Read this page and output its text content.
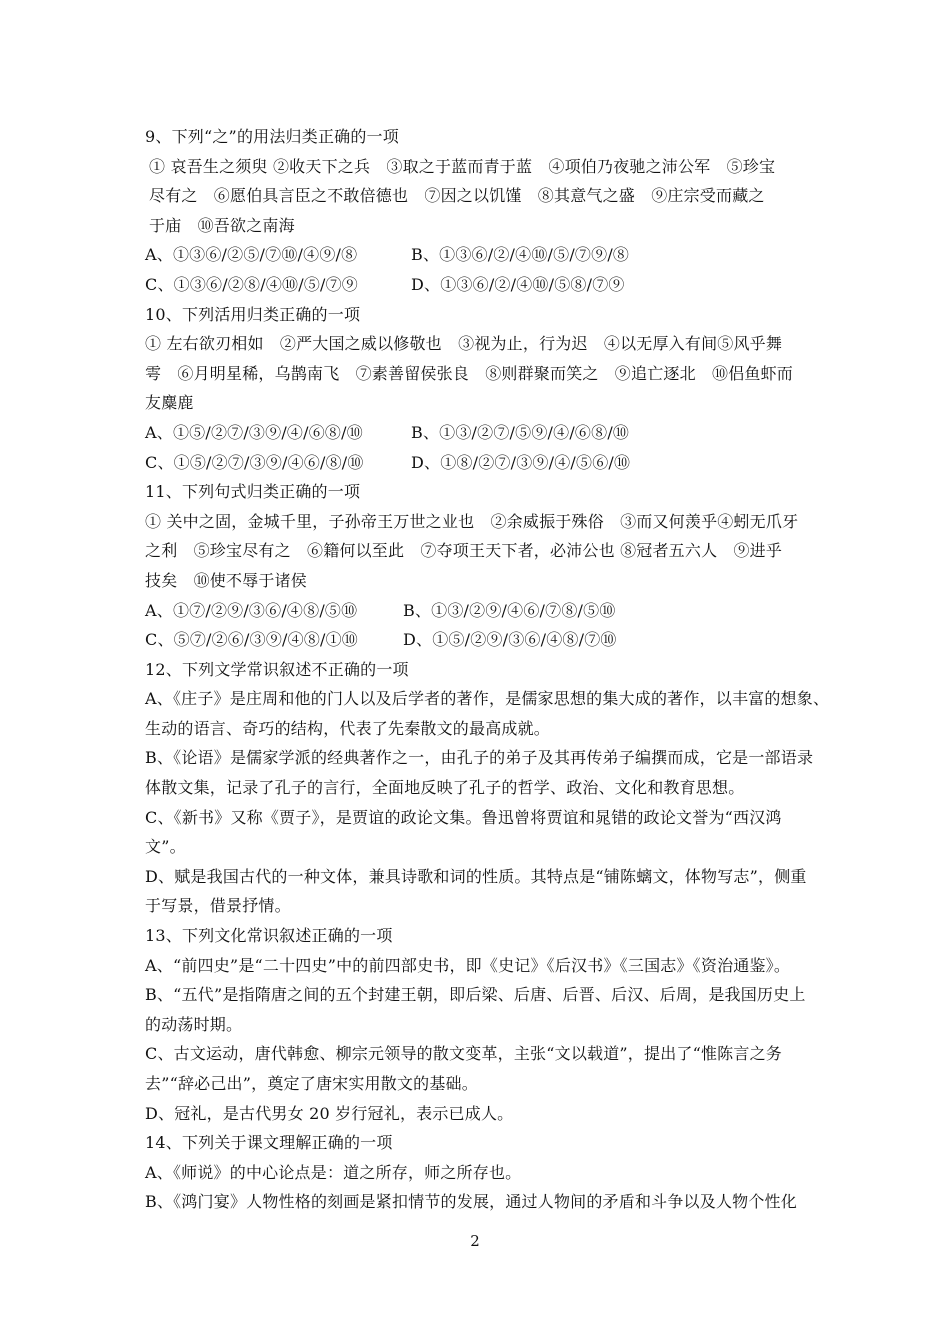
9、下列“之”的用法归类正确的一项
① 哀吾生之须臾 ②收天下之兵　③取之于蓝而青于蓝　④项伯乃夜驰之沛公军　⑤珍宝
尽有之　⑥愿伯具言臣之不敢倍德也　⑦因之以饥馑　⑧其意气之盛　⑨庄宗受而藏之
于庙　⑩吾欲之南海
A、①③⑥/②⑤/⑦⑩/④⑨/⑧	B、①③⑥/②/④⑩/⑤/⑦⑨/⑧
C、①③⑥/②⑧/④⑩/⑤/⑦⑨	D、①③⑥/②/④⑩/⑤⑧/⑦⑨
10、下列活用归类正确的一项
① 左右欲刃相如　②严大国之威以修敬也　③视为止，行为迟　④以无厚入有间⑤风乎舞
雩　⑥月明星稀，乌鹊南飞　⑦素善留侯张良　⑧则群聚而笑之　⑨追亡逐北　⑩侣鱼虾而
友麋鹿
A、①⑤/②⑦/③⑨/④/⑥⑧/⑩	B、①③/②⑦/⑤⑨/④/⑥⑧/⑩
C、①⑤/②⑦/③⑨/④⑥/⑧/⑩	D、①⑧/②⑦/③⑨/④/⑤⑥/⑩
11、下列句式归类正确的一项
① 关中之固，金城千里，子孙帝王万世之业也　②余威振于殊俗　③而又何羡乎④蚓无爪牙
之利　⑤珍宝尽有之　⑥籍何以至此　⑦夺项王天下者，必沛公也 ⑧冠者五六人　⑨进乎
技矣　⑩使不辱于诸侯
A、①⑦/②⑨/③⑥/④⑧/⑤⑩	B、①③/②⑨/④⑥/⑦⑧/⑤⑩
C、⑤⑦/②⑥/③⑨/④⑧/①⑩	D、①⑤/②⑨/③⑥/④⑧/⑦⑩
12、下列文学常识叙述不正确的一项
A、《庄子》是庄周和他的门人以及后学者的著作，是儒家思想的集大成的著作，以丰富的想象、
生动的语言、奇巧的结构，代表了先秦散文的最高成就。
B、《论语》是儒家学派的经典著作之一，由孔子的弟子及其再传弟子编撰而成，它是一部语录
体散文集，记录了孔子的言行，全面地反映了孔子的哲学、政治、文化和教育思想。
C、《新书》又称《贾子》，是贾谊的政论文集。鲁迅曾将贾谊和晁错的政论文誉为“西汉鸿
文”。
D、赋是我国古代的一种文体，兼具诗歌和词的性质。其特点是“铺陈螭文，体物写志”，侧重
于写景，借景抒情。
13、下列文化常识叙述正确的一项
A、“前四史”是“二十四史”中的前四部史书，即《史记》《后汉书》《三国志》《资治通鉴》。
B、“五代”是指隋唐之间的五个封建王朝，即后梁、后唐、后晋、后汉、后周，是我国历史上
的动荡时期。
C、古文运动，唐代韩愈、柳宗元领导的散文变革，主张“文以载道”，提出了“惟陈言之务
去”“辞必己出”，奠定了唐宋实用散文的基础。
D、冠礼，是古代男女 20 岁行冠礼，表示已成人。
14、下列关于课文理解正确的一项
A、《师说》的中心论点是：道之所存，师之所存也。
B、《鸿门宴》人物性格的刻画是紧扣情节的发展，通过人物间的矛盾和斗争以及人物个性化
2
